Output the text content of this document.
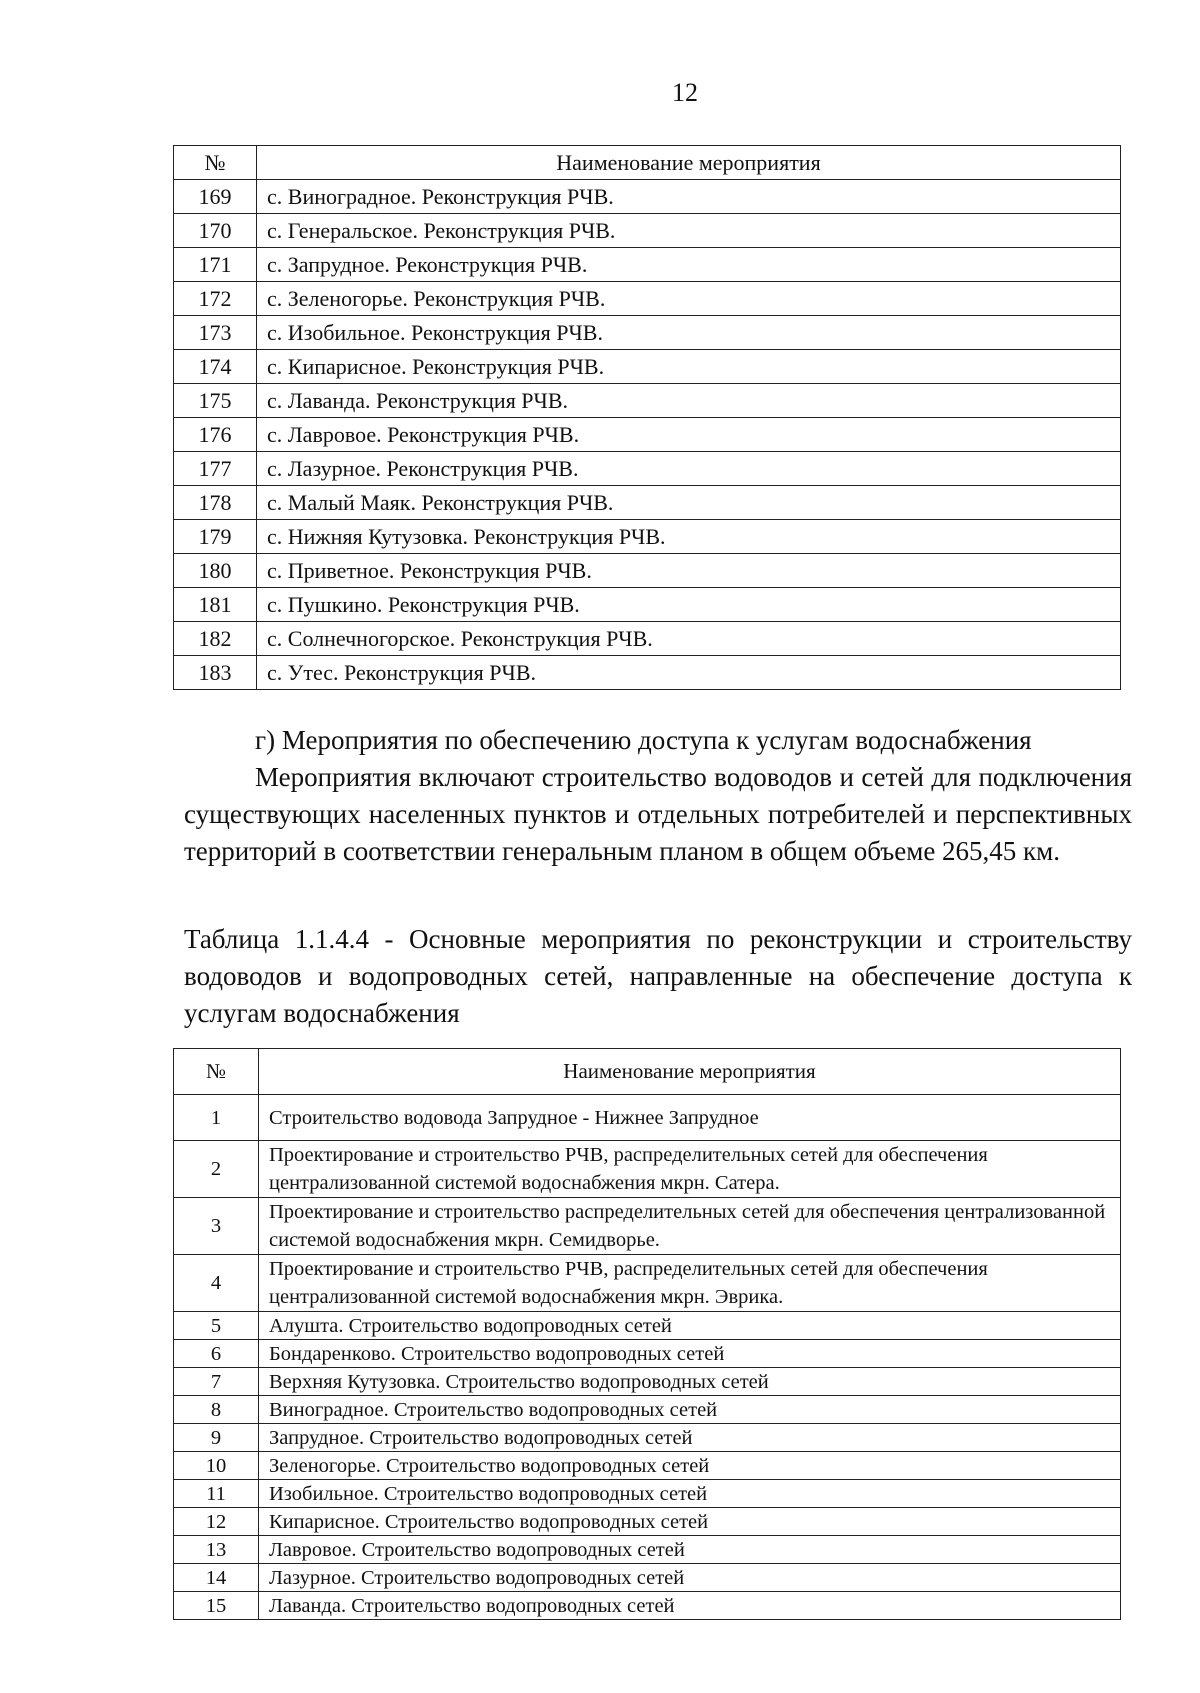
12
№	Наименование мероприятия
169	с. Виноградное. Реконструкция РЧВ.
170	с. Генеральское. Реконструкция РЧВ.
171	с. Запрудное. Реконструкция РЧВ.
172	с. Зеленогорье. Реконструкция РЧВ.
173	с. Изобильное. Реконструкция РЧВ.
174	с. Кипарисное. Реконструкция РЧВ.
175	с. Лаванда. Реконструкция РЧВ.
176	с. Лавровое. Реконструкция РЧВ.
177	с. Лазурное. Реконструкция РЧВ.
178	с. Малый Маяк. Реконструкция РЧВ.
179	с. Нижняя Кутузовка. Реконструкция РЧВ.
180	с. Приветное. Реконструкция РЧВ.
181	с. Пушкино. Реконструкция РЧВ.
182	с. Солнечногорское. Реконструкция РЧВ.
183	с. Утес. Реконструкция РЧВ.
г) Мероприятия по обеспечению доступа к услугам водоснабжения
Мероприятия включают строительство водоводов и сетей для подключения существующих населенных пунктов и отдельных потребителей и перспективных территорий в соответствии генеральным планом в общем объеме 265,45 км.
Таблица 1.1.4.4 - Основные мероприятия по реконструкции и строительству водоводов и водопроводных сетей, направленные на обеспечение доступа к услугам водоснабжения
№	Наименование мероприятия
1	Строительство водовода Запрудное - Нижнее Запрудное
2	Проектирование и строительство РЧВ, распределительных сетей для обеспечения централизованной системой водоснабжения мкрн. Сатера.
3	Проектирование и строительство распределительных сетей для обеспечения централизованной системой водоснабжения мкрн. Семидворье.
4	Проектирование и строительство РЧВ, распределительных сетей для обеспечения централизованной системой водоснабжения мкрн. Эврика.
5	Алушта. Строительство водопроводных сетей
6	Бондаренково. Строительство водопроводных сетей
7	Верхняя Кутузовка. Строительство водопроводных сетей
8	Виноградное. Строительство водопроводных сетей
9	Запрудное. Строительство водопроводных сетей
10	Зеленогорье. Строительство водопроводных сетей
11	Изобильное. Строительство водопроводных сетей
12	Кипарисное. Строительство водопроводных сетей
13	Лавровое. Строительство водопроводных сетей
14	Лазурное. Строительство водопроводных сетей
15	Лаванда. Строительство водопроводных сетей
